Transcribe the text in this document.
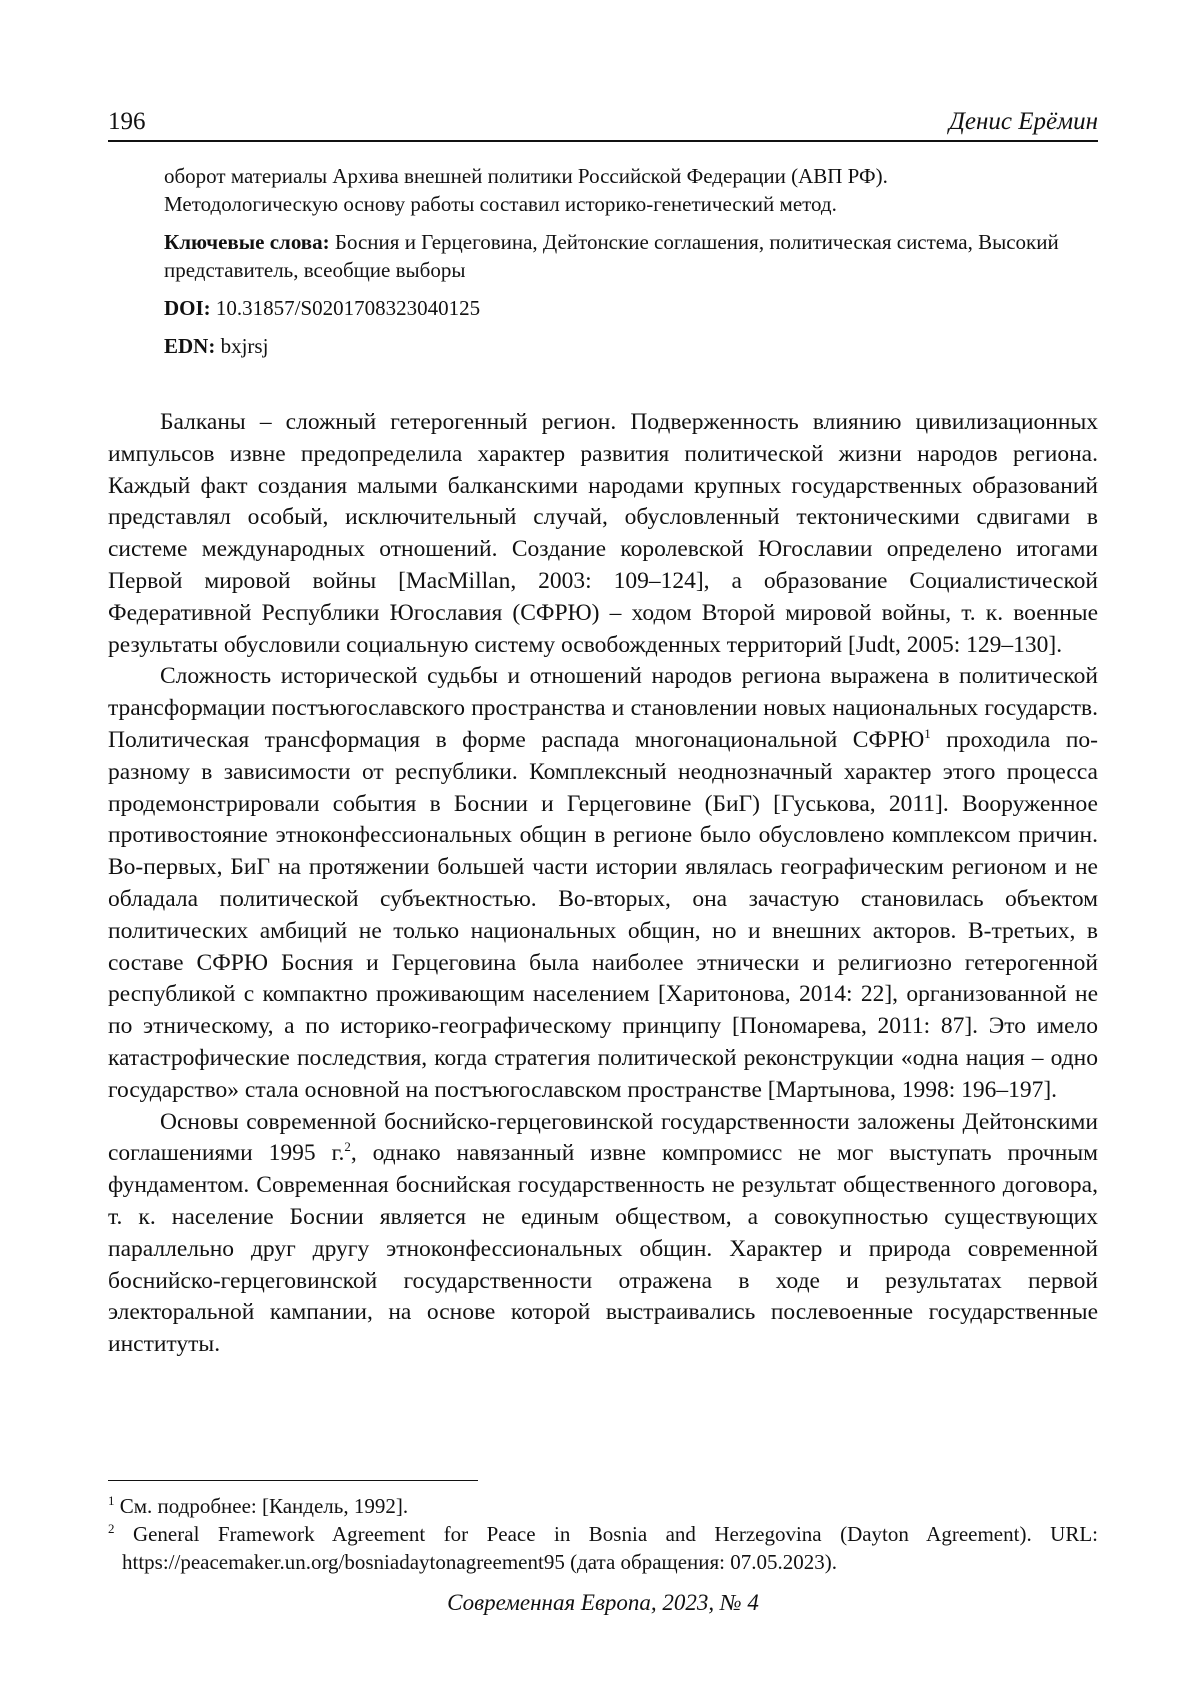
196	Денис Ерёмин

оборот материалы Архива внешней политики Российской Федерации (АВП РФ). Методологическую основу работы составил историко-генетический метод.

Ключевые слова: Босния и Герцеговина, Дейтонские соглашения, политическая система, Высокий представитель, всеобщие выборы

DOI: 10.31857/S0201708323040125

EDN: bxjrsj

Балканы – сложный гетерогенный регион. Подверженность влиянию цивилизационных импульсов извне предопределила характер развития политической жизни народов региона. Каждый факт создания малыми балканскими народами крупных государственных образований представлял особый, исключительный случай, обусловленный тектоническими сдвигами в системе международных отношений. Создание королевской Югославии определено итогами Первой мировой войны [MacMillan, 2003: 109–124], а образование Социалистической Федеративной Республики Югославия (СФРЮ) – ходом Второй мировой войны, т. к. военные результаты обусловили социальную систему освобожденных территорий [Judt, 2005: 129–130].

Сложность исторической судьбы и отношений народов региона выражена в политической трансформации постъюгославского пространства и становлении новых национальных государств. Политическая трансформация в форме распада многонациональной СФРЮ$^1$ проходила по-разному в зависимости от республики. Комплексный неоднозначный характер этого процесса продемонстрировали события в Боснии и Герцеговине (БиГ) [Гуськова, 2011]. Вооруженное противостояние этноконфессиональных общин в регионе было обусловлено комплексом причин. Во-первых, БиГ на протяжении большей части истории являлась географическим регионом и не обладала политической субъектностью. Во-вторых, она зачастую становилась объектом политических амбиций не только национальных общин, но и внешних акторов. В-третьих, в составе СФРЮ Босния и Герцеговина была наиболее этнически и религиозно гетерогенной республикой с компактно проживающим населением [Харитонова, 2014: 22], организованной не по этническому, а по историко-географическому принципу [Пономарева, 2011: 87]. Это имело катастрофические последствия, когда стратегия политической реконструкции «одна нация – одно государство» стала основной на постъюгославском пространстве [Мартынова, 1998: 196–197].

Основы современной боснийско-герцеговинской государственности заложены Дейтонскими соглашениями 1995 г.$^2$, однако навязанный извне компромисс не мог выступать прочным фундаментом. Современная боснийская государственность не результат общественного договора, т. к. население Боснии является не единым обществом, а совокупностью существующих параллельно друг другу этноконфессиональных общин. Характер и природа современной боснийско-герцеговинской государственности отражена в ходе и результатах первой электоральной кампании, на основе которой выстраивались послевоенные государственные институты.

$^1$ См. подробнее: [Кандель, 1992].

$^2$ General Framework Agreement for Peace in Bosnia and Herzegovina (Dayton Agreement). URL: https://peacemaker.un.org/bosniadaytonagreement95 (дата обращения: 07.05.2023).

Современная Европа, 2023, № 4
